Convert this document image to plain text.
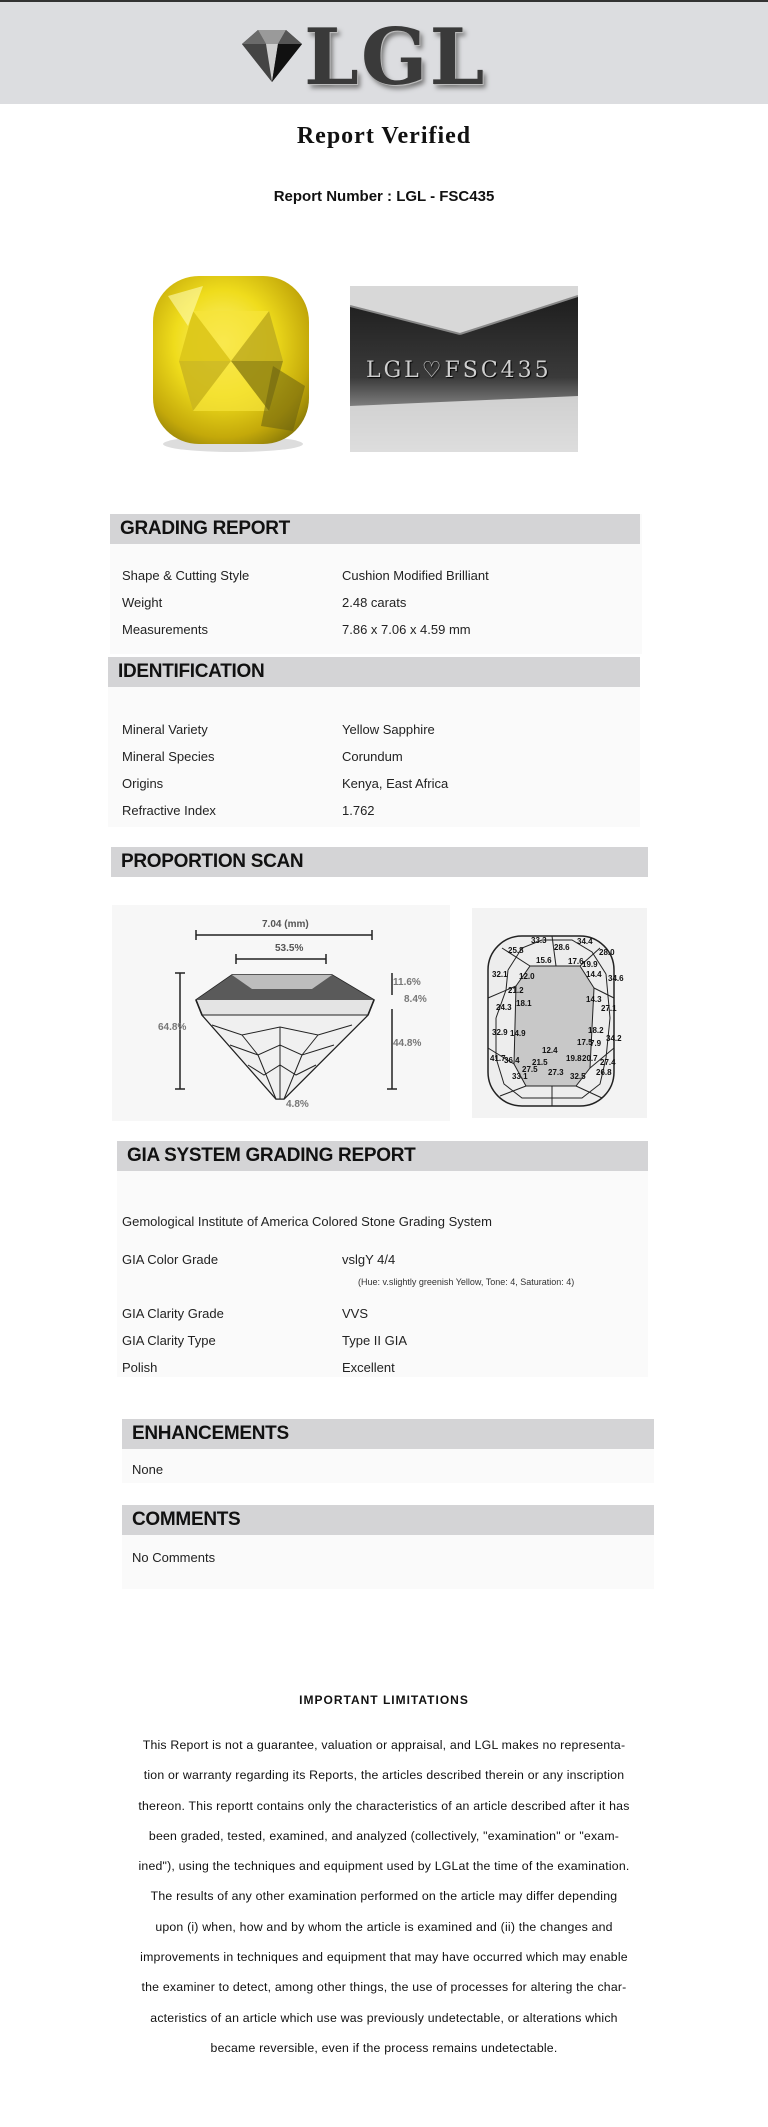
LGL
Report Verified
Report Number : LGL - FSC435
LGL♡FSC435
GRADING REPORT
Shape & Cutting Style	Cushion Modified Brilliant
Weight	2.48 carats
Measurements	7.86 x 7.06 x 4.59 mm
IDENTIFICATION
Mineral Variety	Yellow Sapphire
Mineral Species	Corundum
Origins	Kenya, East Africa
Refractive Index	1.762
PROPORTION SCAN
7.04 (mm)
53.5%
64.8%
11.6%
8.4%
44.8%
4.8%
25.8
33.3	34.4
28.6
28.0
15.6 17.6
19.9
32.1 12.0	14.4 34.6
21.2
18.1	14.3
24.3	27.1
32.9 14.9	18.2
17.5
7.9
34.2
12.4
19.8 20.7 27.4
41.7
36.4 21.5
27.5
33.1	27.3 32.5 26.8
GIA SYSTEM GRADING REPORT
Gemological Institute of America Colored Stone Grading System
GIA Color Grade	vslgY 4/4
(Hue: v.slightly greenish Yellow, Tone: 4, Saturation: 4)
GIA Clarity Grade	VVS
GIA Clarity Type	Type II GIA
Polish	Excellent
ENHANCEMENTS
None
COMMENTS
No Comments
IMPORTANT LIMITATIONS
This Report is not a guarantee, valuation or appraisal, and LGL makes no representa-
tion or warranty regarding its Reports, the articles described therein or any inscription
thereon. This reportt contains only the characteristics of an article described after it has
been graded, tested, examined, and analyzed (collectively, "examination" or "exam-
ined"), using the techniques and equipment used by LGLat the time of the examination.
The results of any other examination performed on the article may differ depending
upon (i) when, how and by whom the article is examined and (ii) the changes and
improvements in techniques and equipment that may have occurred which may enable
the examiner to detect, among other things, the use of processes for altering the char-
acteristics of an article which use was previously undetectable, or alterations which
became reversible, even if the process remains undetectable.
